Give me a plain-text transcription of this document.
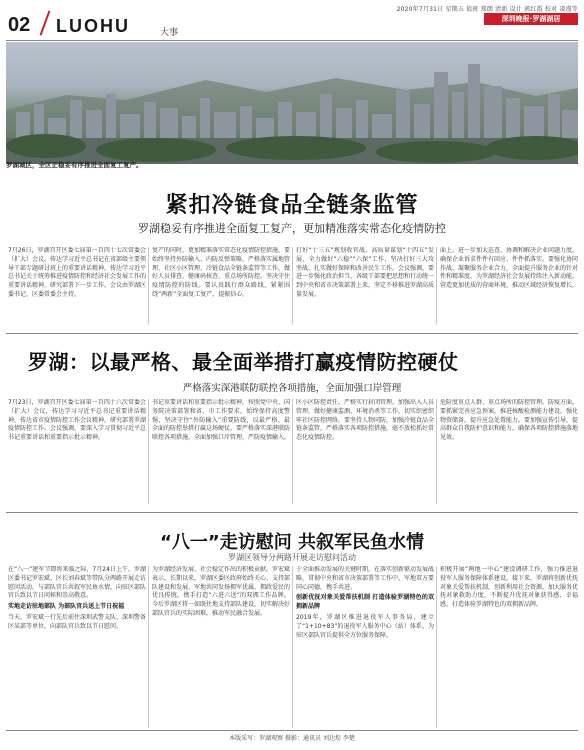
2020年7月31日 星期五 值班 郑朗 清新 设计 郭红霞 校对 凌漫等
深圳晚报·罗湖湖居
02 LUOHU	大事
罗湖城区，全区正稳妥有序推进全面复工复产。
紧扣冷链食品全链条监管
罗湖稳妥有序推进全面复工复产，更加精准落实常态化疫情防控
7月26日，罗湖召开区委七届第一百四十七次常委会（扩大）会议，传达学习近平总书记在省部级主要领导干部专题研讨班上的重要讲话精神，传达学习近平总书记关于统筹推进疫情防控和经济社会发展工作的重要讲话精神，研究部署下一步工作。会议由罗湖区委书记、区委常委会主持。
复产的同时，更加精准落实常态化疫情防控措施，要始终坚持外防输入、内防反弹策略，严格落实属地管理、社区小区管理、冷链食品全链条监管等工作，做好人员排查、健康码核查、重点场所防控，坚决守住疫情防控的防线。要认真践行群众路线，紧紧围绕“两新”全面复工复产，提振信心。
打好“十三五”规划收官战，高质量谋划“十四五”发展，全力做好“六稳”“六保”工作，坚决打好三大攻坚战，扎实做好保障和改善民生工作。会议强调，要进一步强化政治担当，各级干部要把思想和行动统一到中央和省市决策部署上来，坚定不移推进罗湖高质量发展。
面上，进一步加大巡查、协调和解决企业问题力度，确保企业诉求件件有回应、件件抓落实。要强化协同作战，凝聚服务企业合力，全面提升服务企业的针对性和精准度，为罗湖经济社会发展持续注入新动能，营造更加优质的营商环境，推动区域经济恢复增长。
罗湖：以最严格、最全面举措打赢疫情防控硬仗
严格落实深港联防联控各项措施，全面加强口岸管理
7月23日，罗湖召开区委七届第一百四十六次常委会（扩大）会议，传达学习习近平总书记重要讲话精神，传达省市疫情防控工作会议精神，研究部署罗湖疫情防控工作。会议强调，要深入学习贯彻习近平总书记重要讲话和重要指示批示精神。
书记重要讲话和重要指示批示精神，按照党中央、国务院决策部署和省、市工作要求，始终保持高度警惕，坚决守住“外防输入”重要防线，以最严格、最全面的防控举措打赢这场硬仗。要严格落实深港联防联控各项措施，全面加强口岸管理，严防疫情输入。
区小区防控责任，严格实行封闭管理，加强出入人员管理，做好健康监测、环境消杀等工作，切实织密织牢社区防控网络。要坚持人物同防，加强冷链食品全链条监管，严格落实各项防控措施，毫不放松抓好常态化疫情防控。
危险度重点人群、重点场所的防控管理。防疫方面，要抓紧完善应急预案，推进核酸检测能力建设，强化物资储备，提升应急处置能力。要加强宣传引导，提高群众自我防护意识和能力，确保各项防控措施落地见效。
“八一”走访慰问 共叙军民鱼水情
罗湖区领导分两路开展走访慰问活动
在“八一”建军节即将来临之际，7月24日上午，罗湖区委书记罗宏斌、区长刘春斌等带队分两路开展走访慰问活动，与部队官兵共叙军民鱼水情，向驻区部队官兵致以节日问候和崇高敬意。
实地走访驻地部队 为部队官兵送上节日祝福
当天，罗宏斌一行先后前往深圳武警支队、深圳警备区某部等单位，向部队官兵致以节日慰问。
为罗湖经济发展、社会稳定作出的积极贡献。罗宏斌表示，长期以来，罗湖区委区政府始终关心、支持部队建设和发展，军地共同发扬拥军优属、拥政爱民的优良传统，携手打造“六进六送”的双拥工作品牌。今后罗湖区将一如既往地支持部队建设，切实解决好部队官兵的实际困难，推动军民融合发展。
于全面推动发展的关键时期，在落实创新驱动发展战略，贯彻中央和省市决策部署等工作中，军地双方要同心同德，携手共进。
创新优抚对象关爱帮扶机制 打造体验罗湖特色的双拥新品牌
2019年，罗湖区推进退役军人事务局，建立了“1+10+83”的退役军人服务中心（站）体系，为驻区部队官兵提供全方位服务保障。
积极开展“两地一中心”建设调研工作，强力推进退役军人服务保障体系建设。接下来，罗湖将创新优抚对象关爱帮扶机制，创新利用社会资源，加大服务优抚对象救助力度，不断提升优抚对象获得感、幸福感，打造体验罗湖特色的双拥新品牌。
本版采写：罗湖观察 摄影：通讯员 刘达煌 李楚
